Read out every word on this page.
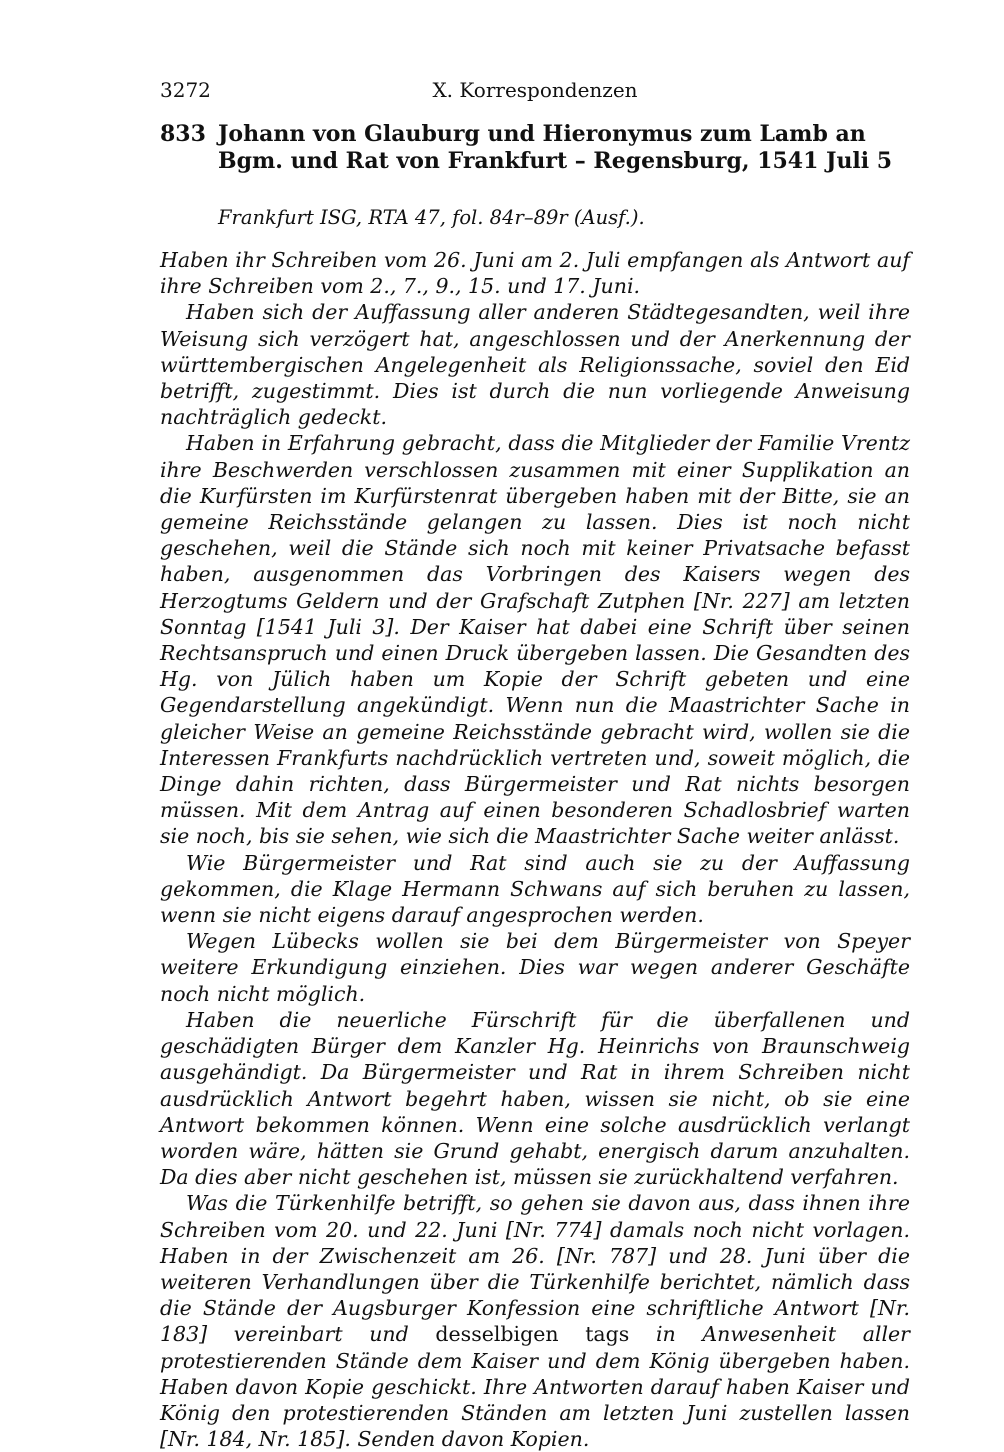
3272	X. Korrespondenzen
833 Johann von Glauburg und Hieronymus zum Lamb an Bgm. und Rat von Frankfurt – Regensburg, 1541 Juli 5
Frankfurt ISG, RTA 47, fol. 84r–89r (Ausf.).

Haben ihr Schreiben vom 26. Juni am 2. Juli empfangen als Antwort auf ihre Schreiben vom 2., 7., 9., 15. und 17. Juni.

Haben sich der Auffassung aller anderen Städtegesandten, weil ihre Weisung sich verzögert hat, angeschlossen und der Anerkennung der württembergischen Angelegenheit als Religionssache, soviel den Eid betrifft, zugestimmt. Dies ist durch die nun vorliegende Anweisung nachträglich gedeckt.

Haben in Erfahrung gebracht, dass die Mitglieder der Familie Vrentz ihre Beschwerden verschlossen zusammen mit einer Supplikation an die Kurfürsten im Kurfürstenrat übergeben haben mit der Bitte, sie an gemeine Reichsstände gelangen zu lassen. Dies ist noch nicht geschehen, weil die Stände sich noch mit keiner Privatsache befasst haben, ausgenommen das Vorbringen des Kaisers wegen des Herzogtums Geldern und der Grafschaft Zutphen [Nr. 227] am letzten Sonntag [1541 Juli 3]. Der Kaiser hat dabei eine Schrift über seinen Rechtsanspruch und einen Druck übergeben lassen. Die Gesandten des Hg. von Jülich haben um Kopie der Schrift gebeten und eine Gegendarstellung angekündigt. Wenn nun die Maastrichter Sache in gleicher Weise an gemeine Reichsstände gebracht wird, wollen sie die Interessen Frankfurts nachdrücklich vertreten und, soweit möglich, die Dinge dahin richten, dass Bürgermeister und Rat nichts besorgen müssen. Mit dem Antrag auf einen besonderen Schadlosbrief warten sie noch, bis sie sehen, wie sich die Maastrichter Sache weiter anlässt.

Wie Bürgermeister und Rat sind auch sie zu der Auffassung gekommen, die Klage Hermann Schwans auf sich beruhen zu lassen, wenn sie nicht eigens darauf angesprochen werden.

Wegen Lübecks wollen sie bei dem Bürgermeister von Speyer weitere Erkundigung einziehen. Dies war wegen anderer Geschäfte noch nicht möglich.

Haben die neuerliche Fürschrift für die überfallenen und geschädigten Bürger dem Kanzler Hg. Heinrichs von Braunschweig ausgehändigt. Da Bürgermeister und Rat in ihrem Schreiben nicht ausdrücklich Antwort begehrt haben, wissen sie nicht, ob sie eine Antwort bekommen können. Wenn eine solche ausdrücklich verlangt worden wäre, hätten sie Grund gehabt, energisch darum anzuhalten. Da dies aber nicht geschehen ist, müssen sie zurückhaltend verfahren.

Was die Türkenhilfe betrifft, so gehen sie davon aus, dass ihnen ihre Schreiben vom 20. und 22. Juni [Nr. 774] damals noch nicht vorlagen. Haben in der Zwischenzeit am 26. [Nr. 787] und 28. Juni über die weiteren Verhandlungen über die Türkenhilfe berichtet, nämlich dass die Stände der Augsburger Konfession eine schriftliche Antwort [Nr. 183] vereinbart und desselbigen tags in Anwesenheit aller protestierenden Stände dem Kaiser und dem König übergeben haben. Haben davon Kopie geschickt. Ihre Antworten darauf haben Kaiser und König den protestierenden Ständen am letzten Juni zustellen lassen [Nr. 184, Nr. 185]. Senden davon Kopien.
